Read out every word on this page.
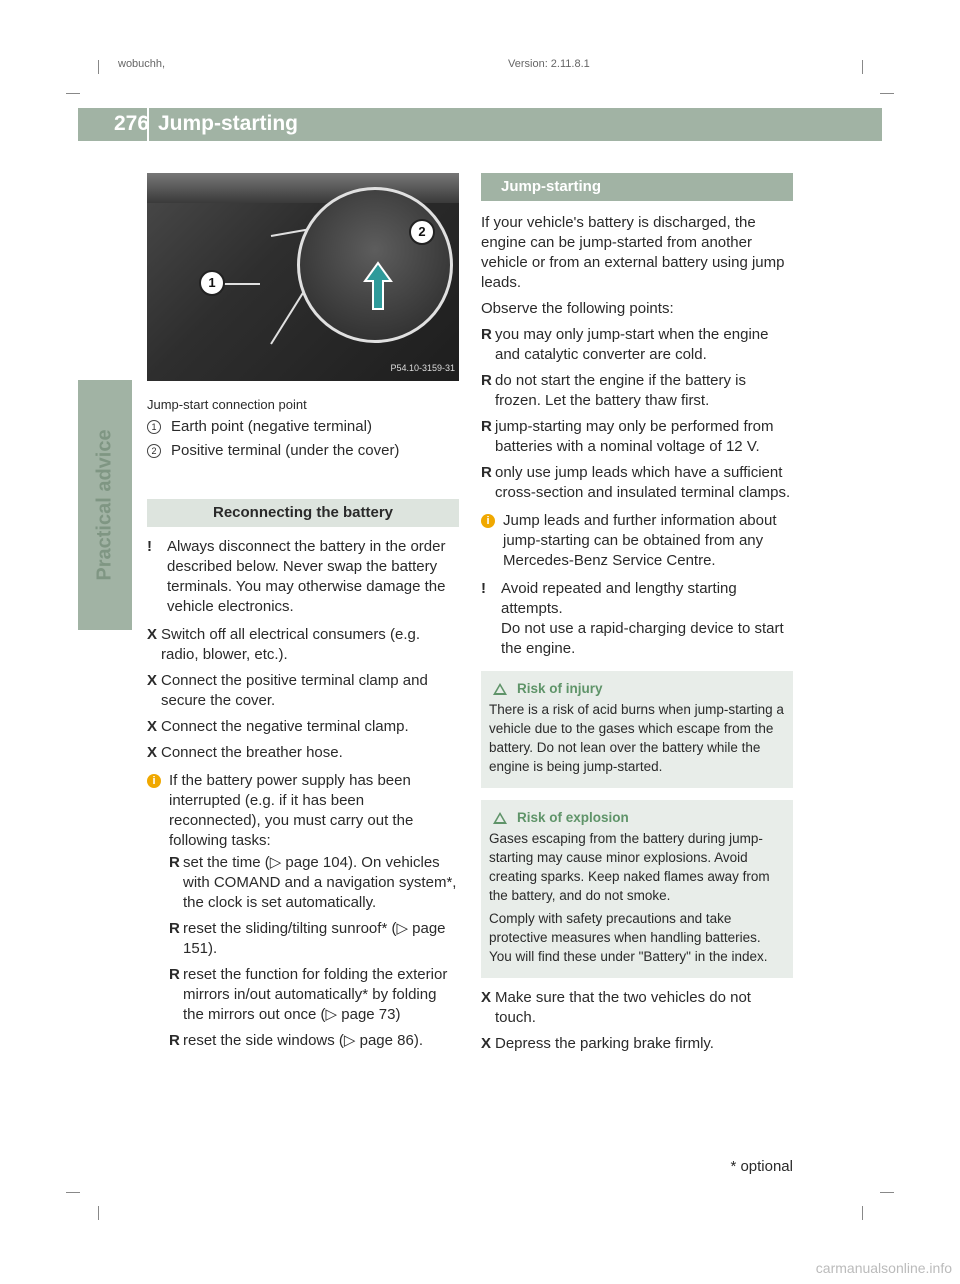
wobuchh,	Version: 2.11.8.1
276 Jump-starting
Practical advice
1
2
P54.10-3159-31
Jump-start connection point
1 Earth point (negative terminal)
2 Positive terminal (under the cover)
Reconnecting the battery
!	Always disconnect the battery in the order described below. Never swap the battery terminals. You may otherwise damage the vehicle electronics.
X Switch off all electrical consumers (e.g. radio, blower, etc.).
X Connect the positive terminal clamp and secure the cover.
X Connect the negative terminal clamp.
X Connect the breather hose.
i If the battery power supply has been interrupted (e.g. if it has been reconnected), you must carry out the following tasks:
R set the time (▷ page 104). On vehicles with COMAND and a navigation system*, the clock is set automatically.
R reset the sliding/tilting sunroof* (▷ page 151).
R reset the function for folding the exterior mirrors in/out automatically* by folding the mirrors out once (▷ page 73)
R reset the side windows (▷ page 86).
Jump-starting

If your vehicle's battery is discharged, the engine can be jump-started from another vehicle or from an external battery using jump leads.

Observe the following points:

R you may only jump-start when the engine and catalytic converter are cold.
R do not start the engine if the battery is frozen. Let the battery thaw first.
R jump-starting may only be performed from batteries with a nominal voltage of 12 V.
R only use jump leads which have a sufficient cross-section and insulated terminal clamps.
i Jump leads and further information about jump-starting can be obtained from any Mercedes-Benz Service Centre.
!	Avoid repeated and lengthy starting attempts.
Do not use a rapid-charging device to start the engine.
Risk of injury

There is a risk of acid burns when jump-starting a vehicle due to the gases which escape from the battery. Do not lean over the battery while the engine is being jump-started.

Risk of explosion

Gases escaping from the battery during jump-starting may cause minor explosions. Avoid creating sparks. Keep naked flames away from the battery, and do not smoke.

Comply with safety precautions and take protective measures when handling batteries. You will find these under "Battery" in the index.

X Make sure that the two vehicles do not touch.
X Depress the parking brake firmly.
* optional
carmanualsonline.info
